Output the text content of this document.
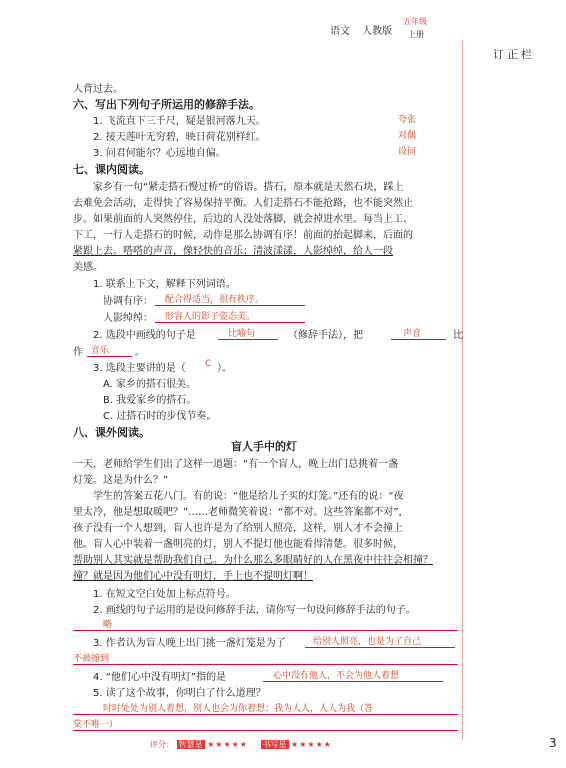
语文 人教版
五年级
上册
订正栏
人背过去。
六、写出下列句子所运用的修辞手法。
1. 飞流直下三千尺，疑是银河落九天。	夸张
2. 接天莲叶无穷碧，映日荷花别样红。	对偶
3. 问君何能尔？心远地自偏。	设问
七、课内阅读。
家乡有一句“紧走搭石慢过桥”的俗语。搭石，原本就是天然石块，踩上
去难免会活动，走得快了容易保持平衡。人们走搭石不能抢路，也不能突然止
步。如果前面的人突然停住，后边的人没处落脚，就会掉进水里。每当上工、
下工，一行人走搭石的时候，动作是那么协调有序！前面的抬起脚来，后面的
紧跟上去。嗒嗒的声音，像轻快的音乐；清波漾漾，人影绰绰，给人一段
美感。
1. 联系上下文，解释下列词语。
协调有序： 配合得适当，很有秩序。
人影绰绰： 形容人的影子姿态美。
2. 选段中画线的句子是	比喻句	（修辞手法），把	声音	比
作 音乐	。
3. 选段主要讲的是（ C ）。
A. 家乡的搭石很美。
B. 我爱家乡的搭石。
C. 过搭石时的步伐节奏。
八、课外阅读。
盲人手中的灯
一天，老师给学生们出了这样一道题：“有一个盲人，晚上出门总挑着一盏
灯笼。这是为什么？”
学生的答案五花八门。有的说：“他是给儿子买的灯笼。”还有的说：“夜
里太冷，他是想取暖吧？”……老师微笑着说：“都不对。这些答案都不对”，
孩子没有一个人想到，盲人也许是为了给别人照亮，这样，别人才不会撞上
他。盲人心中装着一盏明亮的灯，别人不提灯他也能看得清楚。很多时候，
帮助别人其实就是帮助我们自己。为什么那么多眼睛好的人在黑夜中往往会相撞？
撞？就是因为他们心中没有明灯，手上也不提明灯啊！
1. 在短文空白处加上标点符号。
2. 画线的句子运用的是设问修辞手法，请你写一句设问修辞手法的句子。
略
3. 作者认为盲人晚上出门挑一盏灯笼是为了	给别人照亮，也是为了自己
不被撞到
4. “他们心中没有明灯”指的是	心中没有他人，不会为他人着想
5. 读了这个故事，你明白了什么道理？
时时处处为别人着想，别人也会为你着想；我为人人，人人为我（答
棠不唯一）
评分： 智慧星 ★★★★★ 书写星 ★★★★★	3
